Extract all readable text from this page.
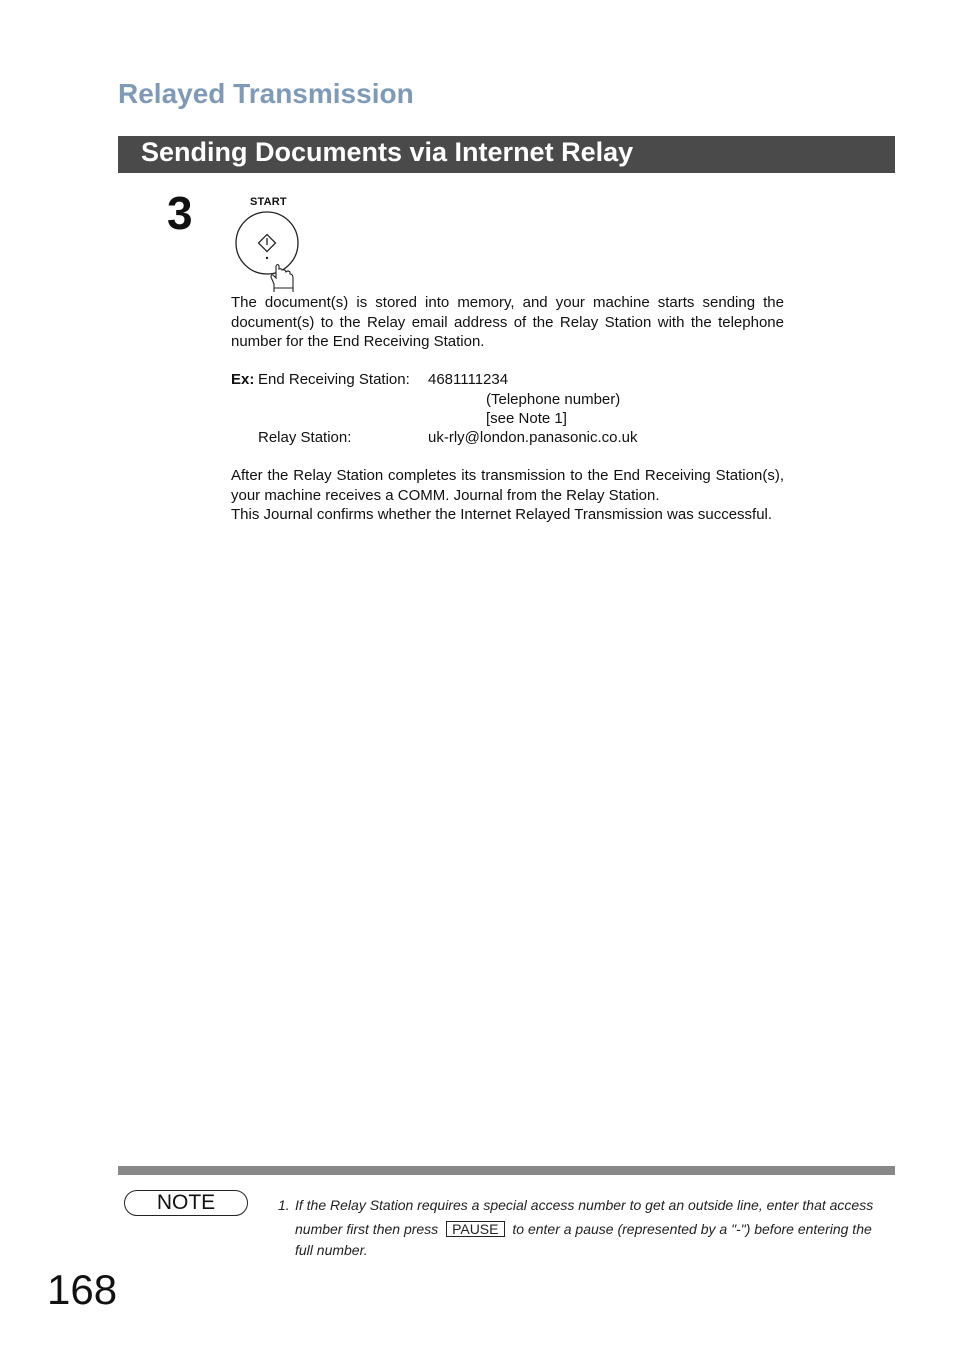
Relayed Transmission
Sending Documents via Internet Relay
3	START

The document(s) is stored into memory, and your machine starts sending the document(s) to the Relay email address of the Relay Station with the telephone number for the End Receiving Station.

Ex: End Receiving Station: 4681111234
(Telephone number)
[see Note 1]
Relay Station:	uk-rly@london.panasonic.co.uk
After the Relay Station completes its transmission to the End Receiving Station(s), your machine receives a COMM. Journal from the Relay Station.
This Journal confirms whether the Internet Relayed Transmission was successful.
NOTE	1. If the Relay Station requires a special access number to get an outside line, enter that access
number first then press PAUSE to enter a pause (represented by a "-") before entering the
full number.

168
